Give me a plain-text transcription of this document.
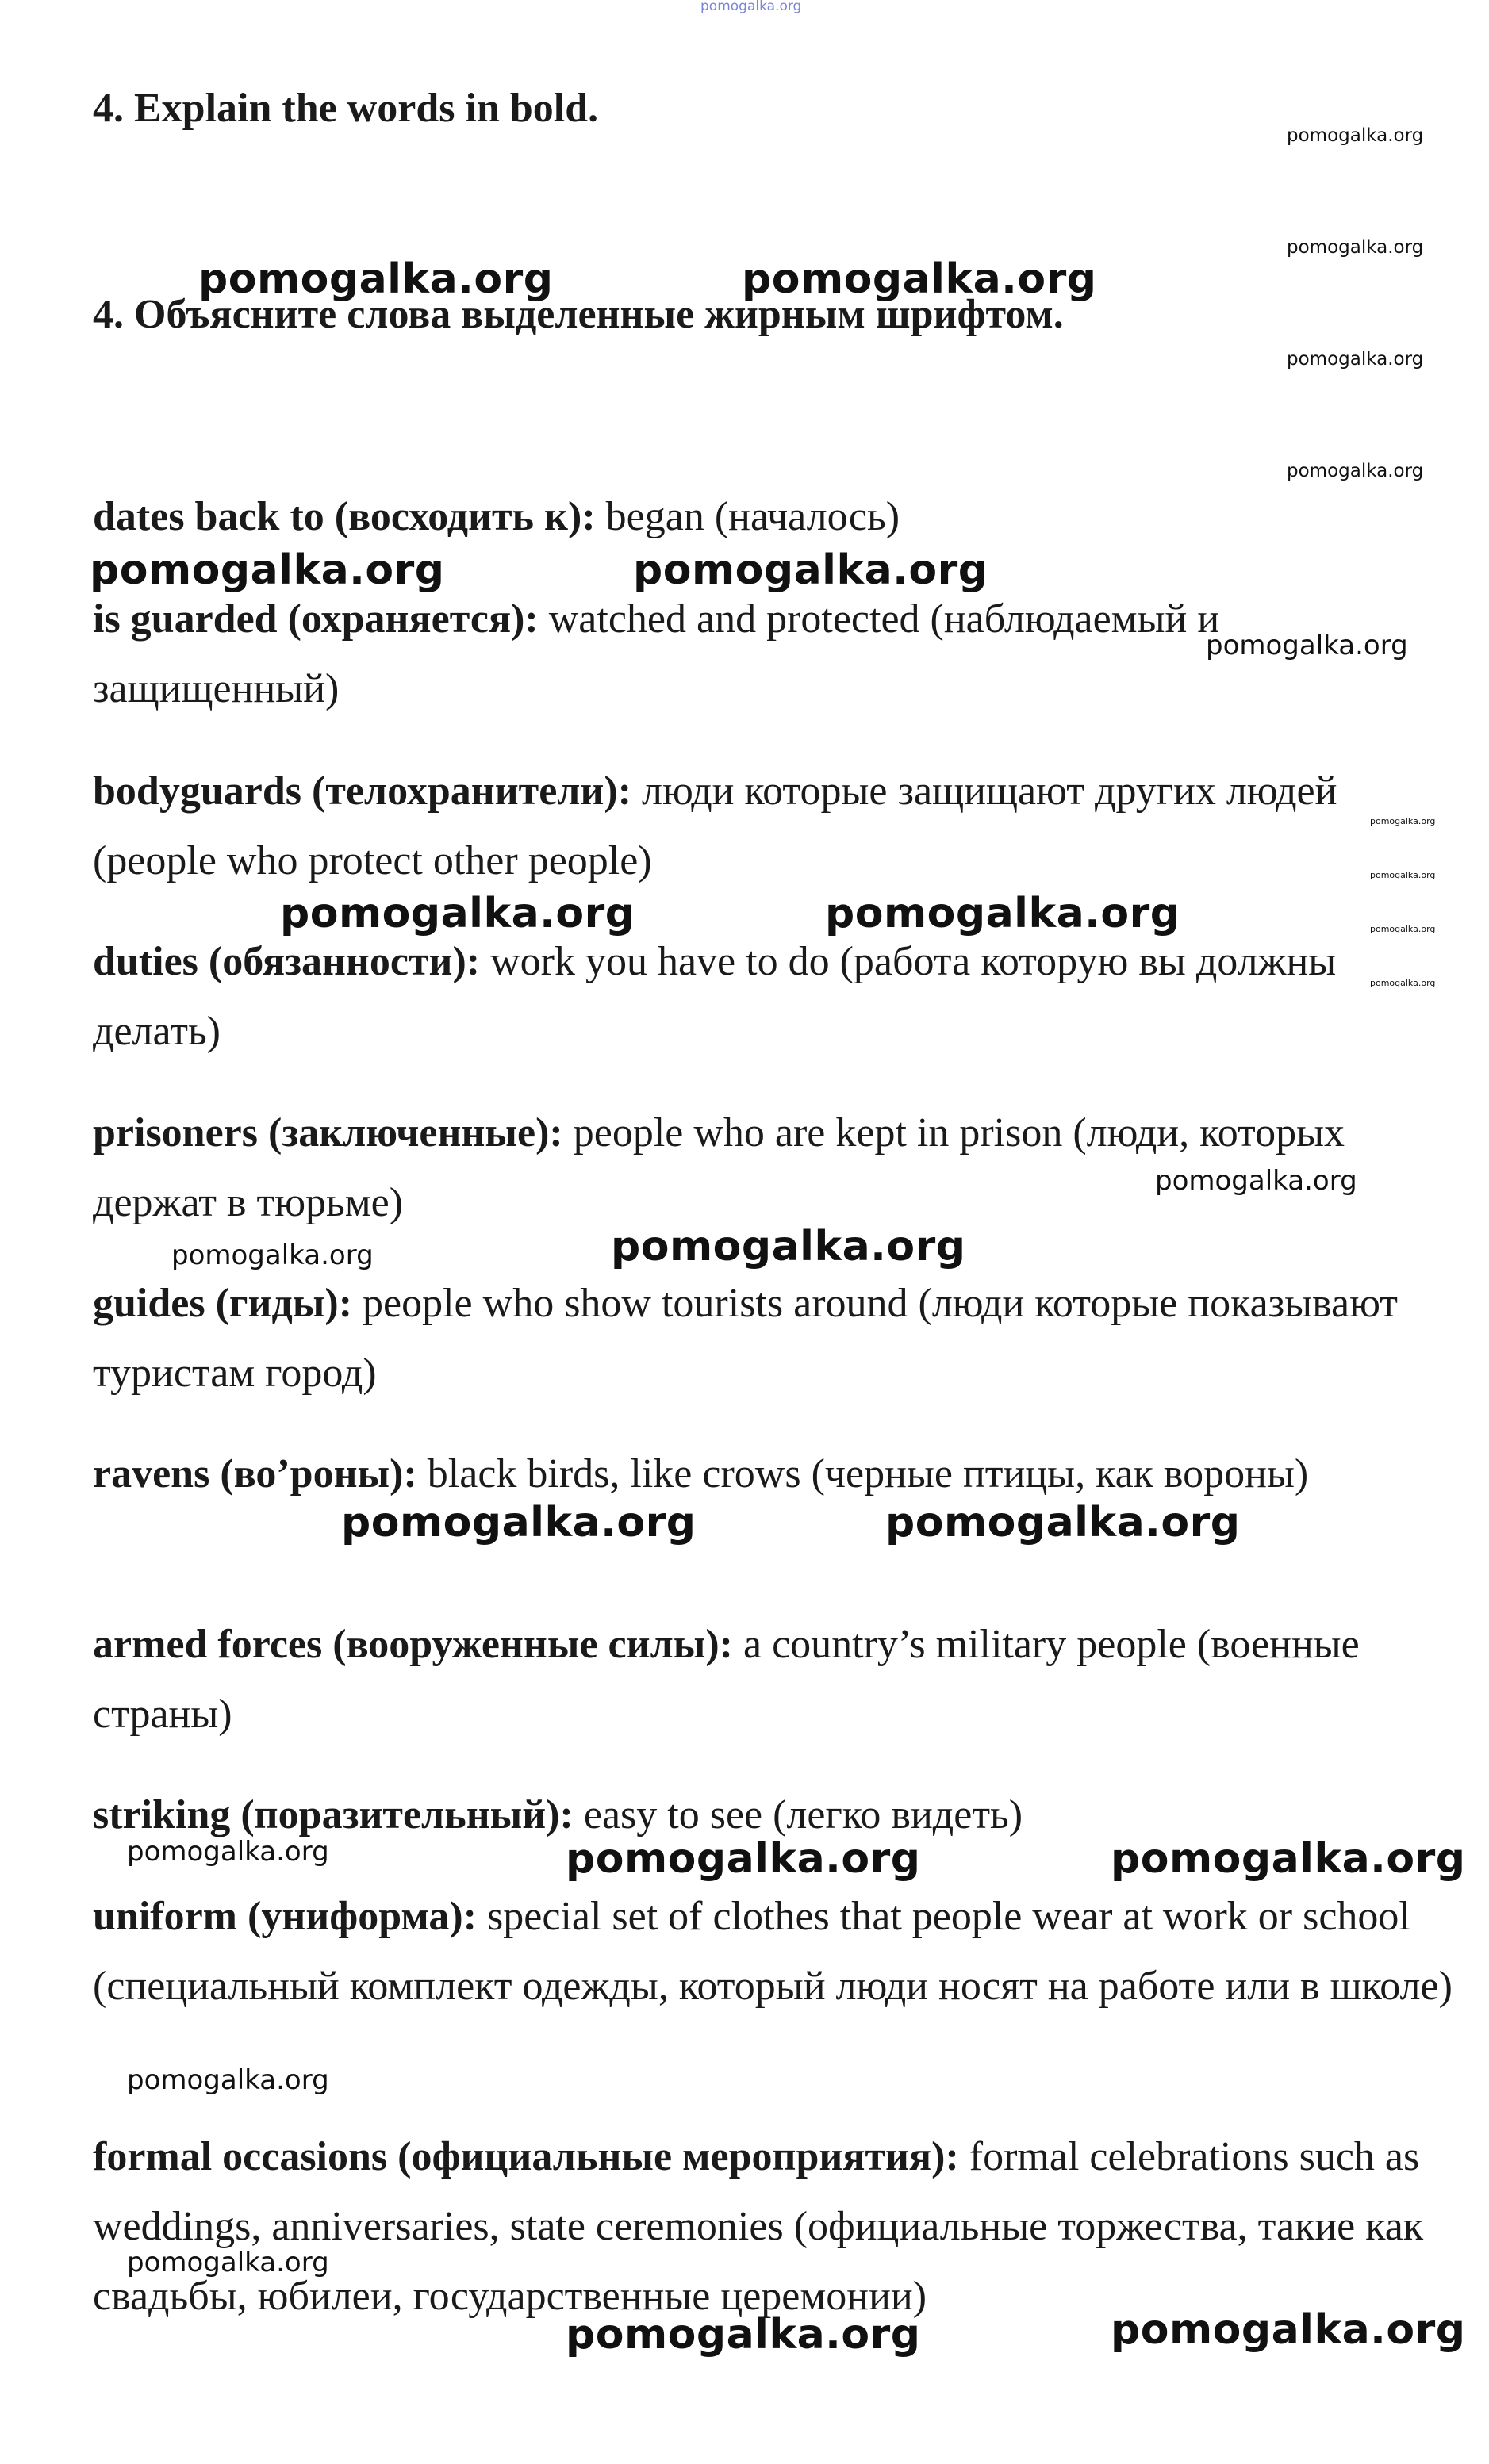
4. Explain the words in bold.
4. Объясните слова выделенные жирным шрифтом.

dates back to (восходить к): began (началось)

is guarded (охраняется): watched and protected (наблюдаемый и защищенный)

bodyguards (телохранители): люди которые защищают других людей (people who protect other people)

duties (обязанности): work you have to do (работа которую вы должны делать)

prisoners (заключенные): people who are kept in prison (люди, которых держат в тюрьме)

guides (гиды): people who show tourists around (люди которые показывают туристам город)

ravens (во’роны): black birds, like crows (черные птицы, как вороны)

armed forces (вооруженные силы): a country’s military people (военные страны)

striking (поразительный): easy to see (легко видеть)

uniform (униформа): special set of clothes that people wear at work or school (специальный комплект одежды, который люди носят на работе или в школе)

formal occasions (официальные мероприятия): formal celebrations such as weddings, anniversaries, state ceremonies (официальные торжества, такие как свадьбы, юбилеи, государственные церемонии)

pomogalka.org
pomogalka.org
pomogalka.org
pomogalka.org
pomogalka.org
pomogalka.org	pomogalka.org
pomogalka.org	pomogalka.org
pomogalka.org
pomogalka.org
pomogalka.org
pomogalka.org
pomogalka.org
pomogalka.org	pomogalka.org
pomogalka.org
pomogalka.org	pomogalka.org
pomogalka.org	pomogalka.org
pomogalka.org	pomogalka.org	pomogalka.org
pomogalka.org
pomogalka.org
pomogalka.org	pomogalka.org
